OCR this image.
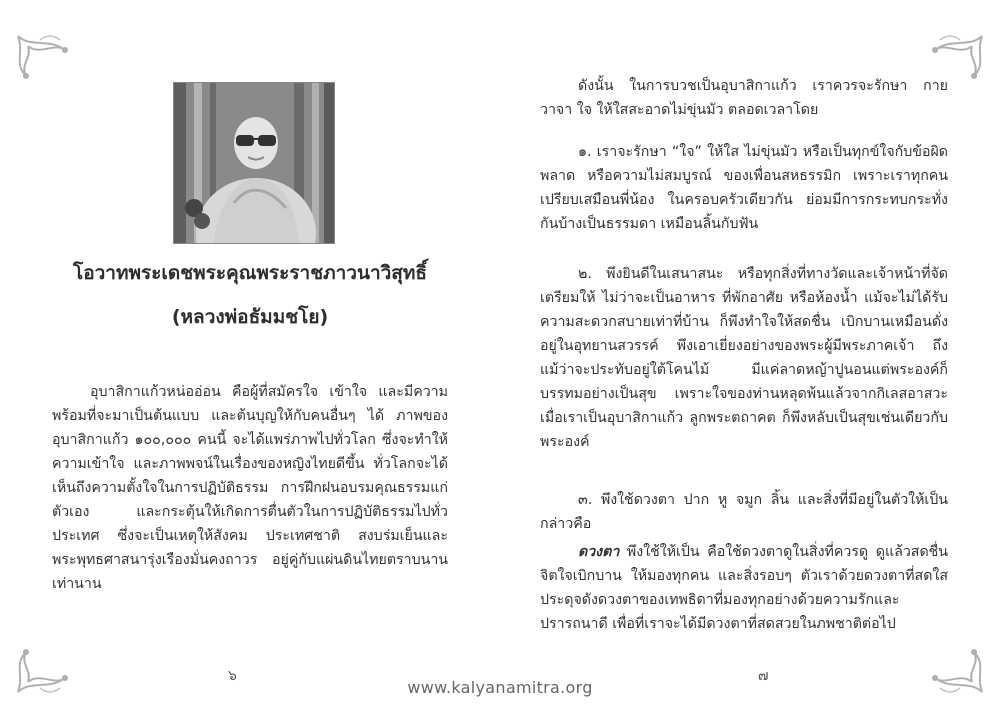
โอวาทพระเดชพระคุณพระราชภาวนาวิสุทธิ์
(หลวงพ่อธัมมชโย)

อุบาสิกาแก้วหน่ออ่อน คือผู้ที่สมัครใจ เข้าใจ และมีความพร้อมที่จะมาเป็นต้นแบบ และต้นบุญให้กับคนอื่นๆ ได้ ภาพของอุบาสิกาแก้ว ๑๐๐,๐๐๐ คนนี้ จะได้แพร่ภาพไปทั่วโลก ซึ่งจะทำให้ความเข้าใจ และภาพพจน์ในเรื่องของหญิงไทยดีขึ้น ทั่วโลกจะได้เห็นถึงความตั้งใจในการปฏิบัติธรรม การฝึกฝนอบรมคุณธรรมแก่ตัวเอง และกระตุ้นให้เกิดการตื่นตัวในการปฏิบัติธรรมไปทั่วประเทศ ซึ่งจะเป็นเหตุให้สังคม ประเทศชาติ สงบร่มเย็นและพระพุทธศาสนารุ่งเรืองมั่นคงถาวร อยู่คู่กับแผ่นดินไทยตราบนานเท่านาน

๖

ดังนั้น ในการบวชเป็นอุบาสิกาแก้ว เราควรจะรักษา กาย วาจา ใจ ให้ใสสะอาดไม่ขุ่นมัว ตลอดเวลาโดย

๑. เราจะรักษา “ใจ” ให้ใส ไม่ขุ่นมัว หรือเป็นทุกข์ใจกับข้อผิดพลาด หรือความไม่สมบูรณ์ ของเพื่อนสหธรรมิก เพราะเราทุกคนเปรียบเสมือนพี่น้อง ในครอบครัวเดียวกัน ย่อมมีการกระทบกระทั่งกันบ้างเป็นธรรมดา เหมือนลิ้นกับฟัน

๒. พึงยินดีในเสนาสนะ หรือทุกสิ่งที่ทางวัดและเจ้าหน้าที่จัดเตรียมให้ ไม่ว่าจะเป็นอาหาร ที่พักอาศัย หรือห้องน้ำ แม้จะไม่ได้รับความสะดวกสบายเท่าที่บ้าน ก็พึงทำใจให้สดชื่น เบิกบานเหมือนดั่งอยู่ในอุทยานสวรรค์ พึงเอาเยี่ยงอย่างของพระผู้มีพระภาคเจ้า ถึงแม้ว่าจะประทับอยู่ใต้โคนไม้ มีแค่ลาดหญ้าปูนอนแต่พระองค์ก็บรรทมอย่างเป็นสุข เพราะใจของท่านหลุดพ้นแล้วจากกิเลสอาสวะ เมื่อเราเป็นอุบาสิกาแก้ว ลูกพระตถาคต ก็พึงหลับเป็นสุขเช่นเดียวกับพระองค์

๓. พึงใช้ดวงตา ปาก หู จมูก ลิ้น และสิ่งที่มีอยู่ในตัวให้เป็นกล่าวคือ

ดวงตา พึงใช้ให้เป็น คือใช้ดวงตาดูในสิ่งที่ควรดู ดูแล้วสดชื่นจิตใจเบิกบาน ให้มองทุกคน และสิ่งรอบๆ ตัวเราด้วยดวงตาที่สดใสประดุจดังดวงตาของเทพธิดาที่มองทุกอย่างด้วยความรักและปรารถนาดี เพื่อที่เราจะได้มีดวงตาที่สดสวยในภพชาติต่อไป

๗
www.kalyanamitra.org
